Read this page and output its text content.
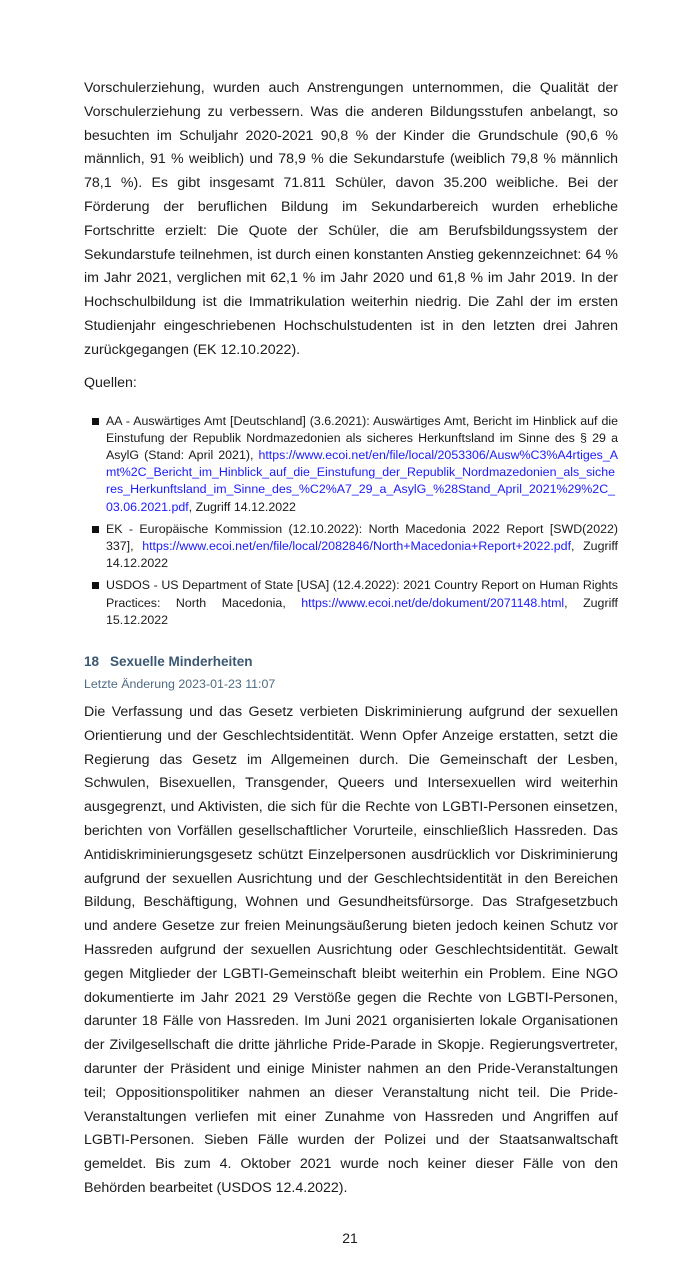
Vorschulerziehung, wurden auch Anstrengungen unternommen, die Qualität der Vorschulerziehung zu verbessern. Was die anderen Bildungsstufen anbelangt, so besuchten im Schuljahr 2020-2021 90,8 % der Kinder die Grundschule (90,6 % männlich, 91 % weiblich) und 78,9 % die Sekundarstufe (weiblich 79,8 % männlich 78,1 %). Es gibt insgesamt 71.811 Schüler, davon 35.200 weibliche. Bei der Förderung der beruflichen Bildung im Sekundarbereich wurden erhebliche Fortschritte erzielt: Die Quote der Schüler, die am Berufsbildungssystem der Sekundarstufe teilnehmen, ist durch einen konstanten Anstieg gekennzeichnet: 64 % im Jahr 2021, verglichen mit 62,1 % im Jahr 2020 und 61,8 % im Jahr 2019. In der Hochschulbildung ist die Immatrikulation weiterhin niedrig. Die Zahl der im ersten Studienjahr eingeschriebenen Hochschulstudenten ist in den letzten drei Jahren zurückgegangen (EK 12.10.2022).

Quellen:
AA - Auswärtiges Amt [Deutschland] (3.6.2021): Auswärtiges Amt, Bericht im Hinblick auf die Einstufung der Republik Nordmazedonien als sicheres Herkunftsland im Sinne des § 29 a AsylG (Stand: April 2021), https://www.ecoi.net/en/file/local/2053306/Ausw%C3%A4rtiges_Amt%2C_Bericht_im_Hinblick_auf_die_Einstufung_der_Republik_Nordmazedonien_als_sicheres_Herkunftsland_im_Sinne_des_%C2%A7_29_a_AsylG_%28Stand_April_2021%29%2C_03.06.2021.pdf, Zugriff 14.12.2022
EK - Europäische Kommission (12.10.2022): North Macedonia 2022 Report [SWD(2022) 337], https://www.ecoi.net/en/file/local/2082846/North+Macedonia+Report+2022.pdf, Zugriff 14.12.2022
USDOS - US Department of State [USA] (12.4.2022): 2021 Country Report on Human Rights Practices: North Macedonia, https://www.ecoi.net/de/dokument/2071148.html, Zugriff 15.12.2022
18 Sexuelle Minderheiten
Letzte Änderung 2023-01-23 11:07

Die Verfassung und das Gesetz verbieten Diskriminierung aufgrund der sexuellen Orientierung und der Geschlechtsidentität. Wenn Opfer Anzeige erstatten, setzt die Regierung das Gesetz im Allgemeinen durch. Die Gemeinschaft der Lesben, Schwulen, Bisexuellen, Transgender, Queers und Intersexuellen wird weiterhin ausgegrenzt, und Aktivisten, die sich für die Rechte von LGBTI-Personen einsetzen, berichten von Vorfällen gesellschaftlicher Vorurteile, einschließlich Hassreden. Das Antidiskriminierungsgesetz schützt Einzelpersonen ausdrücklich vor Diskriminierung aufgrund der sexuellen Ausrichtung und der Geschlechtsidentität in den Bereichen Bildung, Beschäftigung, Wohnen und Gesundheitsfürsorge. Das Strafgesetzbuch und andere Gesetze zur freien Meinungsäußerung bieten jedoch keinen Schutz vor Hassreden aufgrund der sexuellen Ausrichtung oder Geschlechtsidentität. Gewalt gegen Mitglieder der LGBTI-Gemeinschaft bleibt weiterhin ein Problem. Eine NGO dokumentierte im Jahr 2021 29 Verstöße gegen die Rechte von LGBTI-Personen, darunter 18 Fälle von Hassreden. Im Juni 2021 organisierten lokale Organisationen der Zivilgesellschaft die dritte jährliche Pride-Parade in Skopje. Regierungsvertreter, darunter der Präsident und einige Minister nahmen an den Pride-Veranstaltungen teil; Oppositionspolitiker nahmen an dieser Veranstaltung nicht teil. Die Pride-Veranstaltungen verliefen mit einer Zunahme von Hassreden und Angriffen auf LGBTI-Personen. Sieben Fälle wurden der Polizei und der Staatsanwaltschaft gemeldet. Bis zum 4. Oktober 2021 wurde noch keiner dieser Fälle von den Behörden bearbeitet (USDOS 12.4.2022).

21
